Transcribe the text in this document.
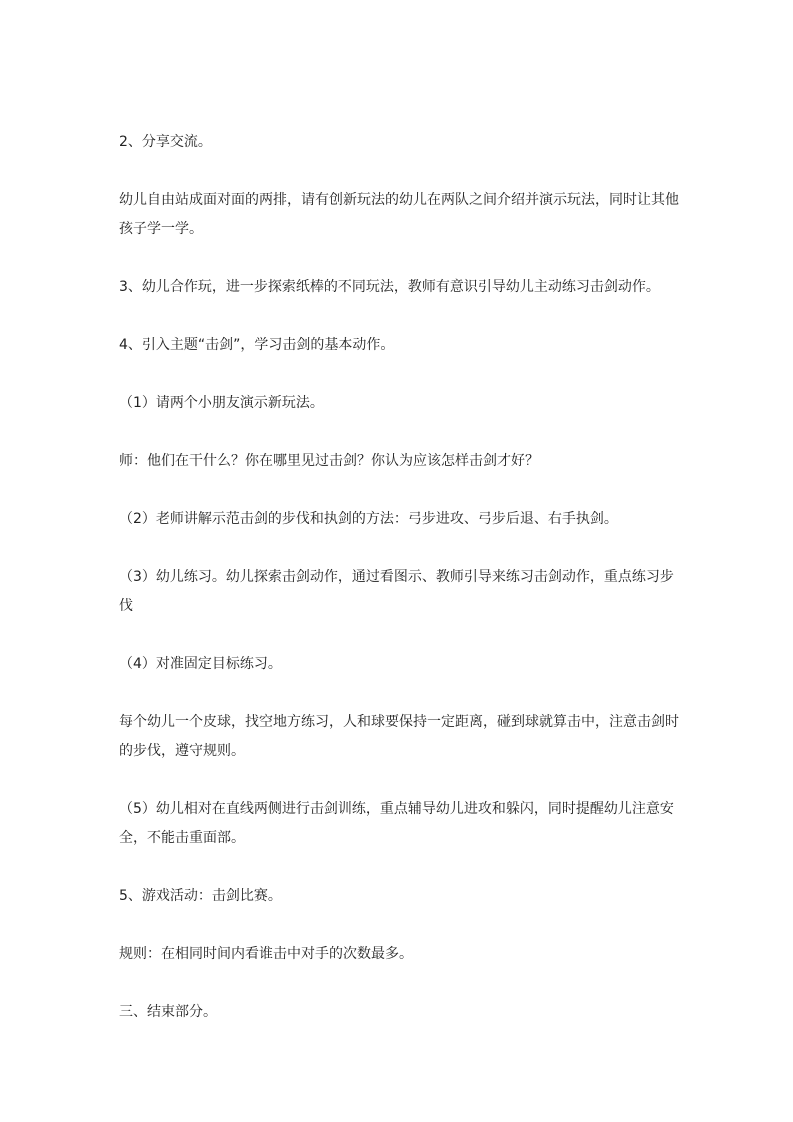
2、分享交流。

幼儿自由站成面对面的两排，请有创新玩法的幼儿在两队之间介绍并演示玩法，同时让其他孩子学一学。

3、幼儿合作玩，进一步探索纸棒的不同玩法，教师有意识引导幼儿主动练习击剑动作。

4、引入主题“击剑”，学习击剑的基本动作。

（1）请两个小朋友演示新玩法。

师：他们在干什么？你在哪里见过击剑？你认为应该怎样击剑才好？

（2）老师讲解示范击剑的步伐和执剑的方法：弓步进攻、弓步后退、右手执剑。

（3）幼儿练习。幼儿探索击剑动作，通过看图示、教师引导来练习击剑动作，重点练习步伐

（4）对准固定目标练习。

每个幼儿一个皮球，找空地方练习，人和球要保持一定距离，碰到球就算击中，注意击剑时的步伐，遵守规则。

（5）幼儿相对在直线两侧进行击剑训练，重点辅导幼儿进攻和躲闪，同时提醒幼儿注意安全，不能击重面部。

5、游戏活动：击剑比赛。

规则：在相同时间内看谁击中对手的次数最多。

三、结束部分。
